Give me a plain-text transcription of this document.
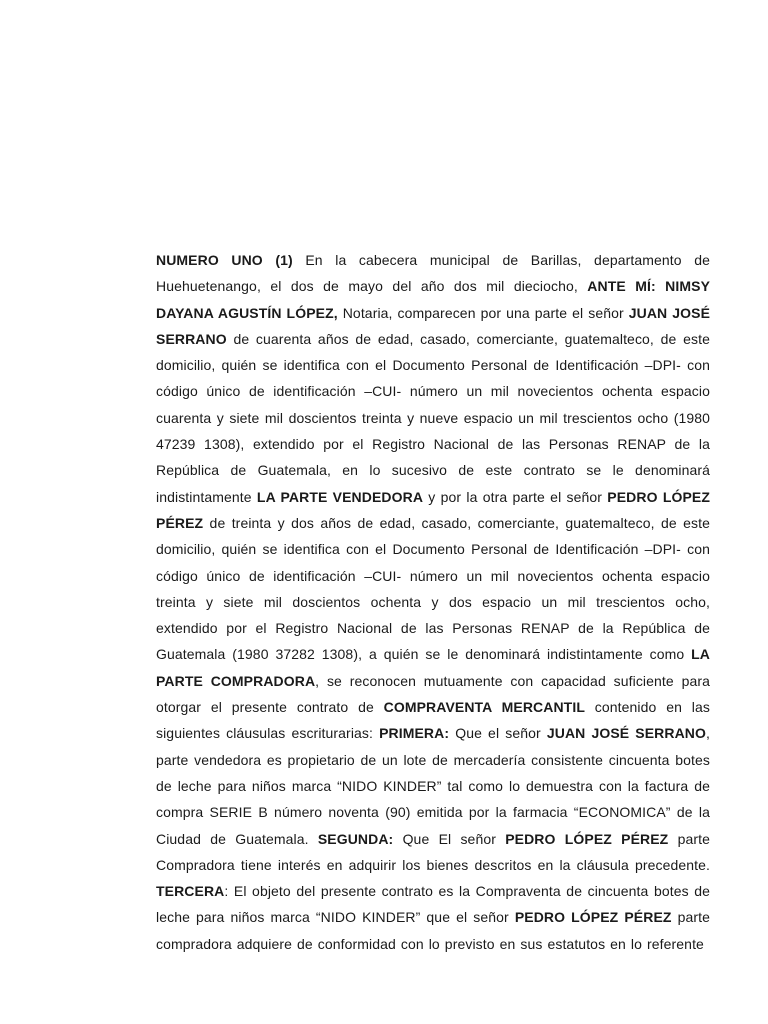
NUMERO UNO (1) En la cabecera municipal de Barillas, departamento de Huehuetenango, el dos de mayo del año dos mil dieciocho, ANTE MÍ: NIMSY DAYANA AGUSTÍN LÓPEZ, Notaria, comparecen por una parte el señor JUAN JOSÉ SERRANO de cuarenta años de edad, casado, comerciante, guatemalteco, de este domicilio, quién se identifica con el Documento Personal de Identificación –DPI- con código único de identificación –CUI- número un mil novecientos ochenta espacio cuarenta y siete mil doscientos treinta y nueve espacio un mil trescientos ocho (1980 47239 1308), extendido por el Registro Nacional de las Personas RENAP de la República de Guatemala, en lo sucesivo de este contrato se le denominará indistintamente LA PARTE VENDEDORA y por la otra parte el señor PEDRO LÓPEZ PÉREZ de treinta y dos años de edad, casado, comerciante, guatemalteco, de este domicilio, quién se identifica con el Documento Personal de Identificación –DPI- con código único de identificación –CUI- número un mil novecientos ochenta espacio treinta y siete mil doscientos ochenta y dos espacio un mil trescientos ocho, extendido por el Registro Nacional de las Personas RENAP de la República de Guatemala (1980 37282 1308), a quién se le denominará indistintamente como LA PARTE COMPRADORA, se reconocen mutuamente con capacidad suficiente para otorgar el presente contrato de COMPRAVENTA MERCANTIL contenido en las siguientes cláusulas escriturarias: PRIMERA: Que el señor JUAN JOSÉ SERRANO, parte vendedora es propietario de un lote de mercadería consistente cincuenta botes de leche para niños marca “NIDO KINDER” tal como lo demuestra con la factura de compra SERIE B número noventa (90) emitida por la farmacia “ECONOMICA” de la Ciudad de Guatemala. SEGUNDA: Que El señor PEDRO LÓPEZ PÉREZ parte Compradora tiene interés en adquirir los bienes descritos en la cláusula precedente. TERCERA: El objeto del presente contrato es la Compraventa de cincuenta botes de leche para niños marca “NIDO KINDER” que el señor PEDRO LÓPEZ PÉREZ parte compradora adquiere de conformidad con lo previsto en sus estatutos en lo referente
